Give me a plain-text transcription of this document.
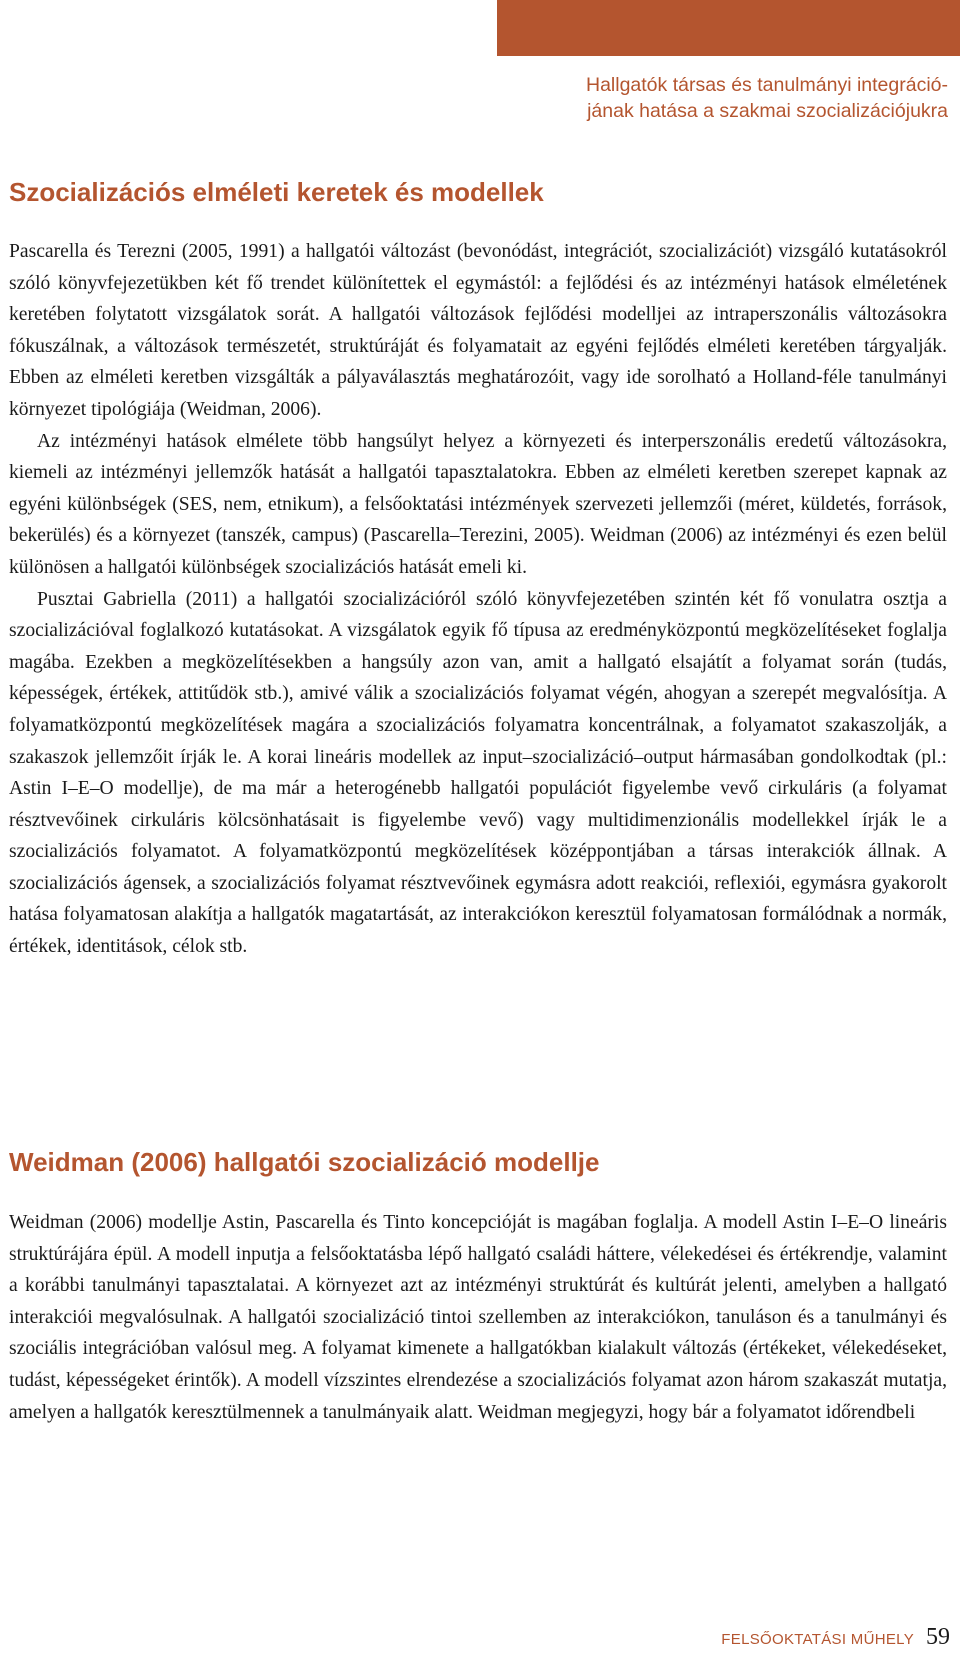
Hallgatók társas és tanulmányi integráció-
jának hatása a szakmai szocializációjukra
Szocializációs elméleti keretek és modellek

Pascarella és Terezni (2005, 1991) a hallgatói változást (bevonódást, integrációt, szocializációt) vizsgáló kutatásokról szóló könyvfejezetükben két fő trendet különítettek el egymástól: a fejlődési és az intézményi hatások elméletének keretében folytatott vizsgálatok sorát. A hallgatói változások fejlődési modelljei az intraperszonális változásokra fókuszálnak, a változások természetét, struktúráját és folyamatait az egyéni fejlődés elméleti keretében tárgyalják. Ebben az elméleti keretben vizsgálták a pályaválasztás meghatározóit, vagy ide sorolható a Holland-féle tanulmányi környezet tipológiája (Weidman, 2006).

Az intézményi hatások elmélete több hangsúlyt helyez a környezeti és interperszonális eredetű változásokra, kiemeli az intézményi jellemzők hatását a hallgatói tapasztalatokra. Ebben az elméleti keretben szerepet kapnak az egyéni különbségek (SES, nem, etnikum), a felsőoktatási intézmények szervezeti jellemzői (méret, küldetés, források, bekerülés) és a környezet (tanszék, campus) (Pascarella–Terezini, 2005). Weidman (2006) az intézményi és ezen belül különösen a hallgatói különbségek szocializációs hatását emeli ki.

Pusztai Gabriella (2011) a hallgatói szocializációról szóló könyvfejezetében szintén két fő vonulatra osztja a szocializációval foglalkozó kutatásokat. A vizsgálatok egyik fő típusa az eredményközpontú megközelítéseket foglalja magába. Ezekben a megközelítésekben a hangsúly azon van, amit a hallgató elsajátít a folyamat során (tudás, képességek, értékek, attitűdök stb.), amivé válik a szocializációs folyamat végén, ahogyan a szerepét megvalósítja. A folyamatközpontú megközelítések magára a szocializációs folyamatra koncentrálnak, a folyamatot szakaszolják, a szakaszok jellemzőit írják le. A korai lineáris modellek az input–szocializáció–output hármasában gondolkodtak (pl.: Astin I–E–O modellje), de ma már a heterogénebb hallgatói populációt figyelembe vevő cirkuláris (a folyamat résztvevőinek cirkuláris kölcsönhatásait is figyelembe vevő) vagy multidimenzionális modellekkel írják le a szocializációs folyamatot. A folyamatközpontú megközelítések középpontjában a társas interakciók állnak. A szocializációs ágensek, a szocializációs folyamat résztvevőinek egymásra adott reakciói, reflexiói, egymásra gyakorolt hatása folyamatosan alakítja a hallgatók magatartását, az interakciókon keresztül folyamatosan formálódnak a normák, értékek, identitások, célok stb.

Weidman (2006) hallgatói szocializáció modellje

Weidman (2006) modellje Astin, Pascarella és Tinto koncepcióját is magában foglalja. A modell Astin I–E–O lineáris struktúrájára épül. A modell inputja a felsőoktatásba lépő hallgató családi háttere, vélekedései és értékrendje, valamint a korábbi tanulmányi tapasztalatai. A környezet azt az intézményi struktúrát és kultúrát jelenti, amelyben a hallgató interakciói megvalósulnak. A hallgatói szocializáció tintoi szellemben az interakciókon, tanuláson és a tanulmányi és szociális integrációban valósul meg. A folyamat kimenete a hallgatókban kialakult változás (értékeket, vélekedéseket, tudást, képességeket érintők). A modell vízszintes elrendezése a szocializációs folyamat azon három szakaszát mutatja, amelyen a hallgatók keresztülmennek a tanulmányaik alatt. Weidman megjegyzi, hogy bár a folyamatot időrendbeli

FELSŐOKTATÁSI MŰHELY 59
